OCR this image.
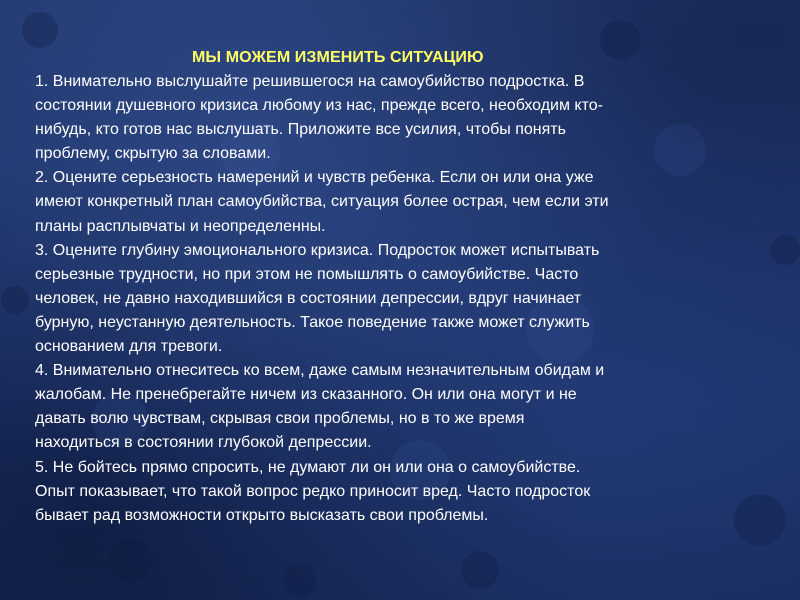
МЫ МОЖЕМ ИЗМЕНИТЬ СИТУАЦИЮ
1. Внимательно выслушайте решившегося на самоубийство подростка. В
состоянии душевного кризиса любому из нас, прежде всего, необходим кто-
нибудь, кто готов нас выслушать. Приложите все усилия, чтобы понять
проблему, скрытую за словами.
2. Оцените серьезность намерений и чувств ребенка. Если он или она уже
имеют конкретный план самоубийства, ситуация более острая, чем если эти
планы расплывчаты и неопределенны.
3. Оцените глубину эмоционального кризиса. Подросток может испытывать
серьезные трудности, но при этом не помышлять о самоубийстве. Часто
человек, не давно находившийся в состоянии депрессии, вдруг начинает
бурную, неустанную деятельность. Такое поведение также может служить
основанием для тревоги.
4. Внимательно отнеситесь ко всем, даже самым незначительным обидам и
жалобам. Не пренебрегайте ничем из сказанного. Он или она могут и не
давать волю чувствам, скрывая свои проблемы, но в то же время
находиться в состоянии глубокой депрессии.
5. Не бойтесь прямо спросить, не думают ли он или она о самоубийстве.
Опыт показывает, что такой вопрос редко приносит вред. Часто подросток
бывает рад возможности открыто высказать свои проблемы.
